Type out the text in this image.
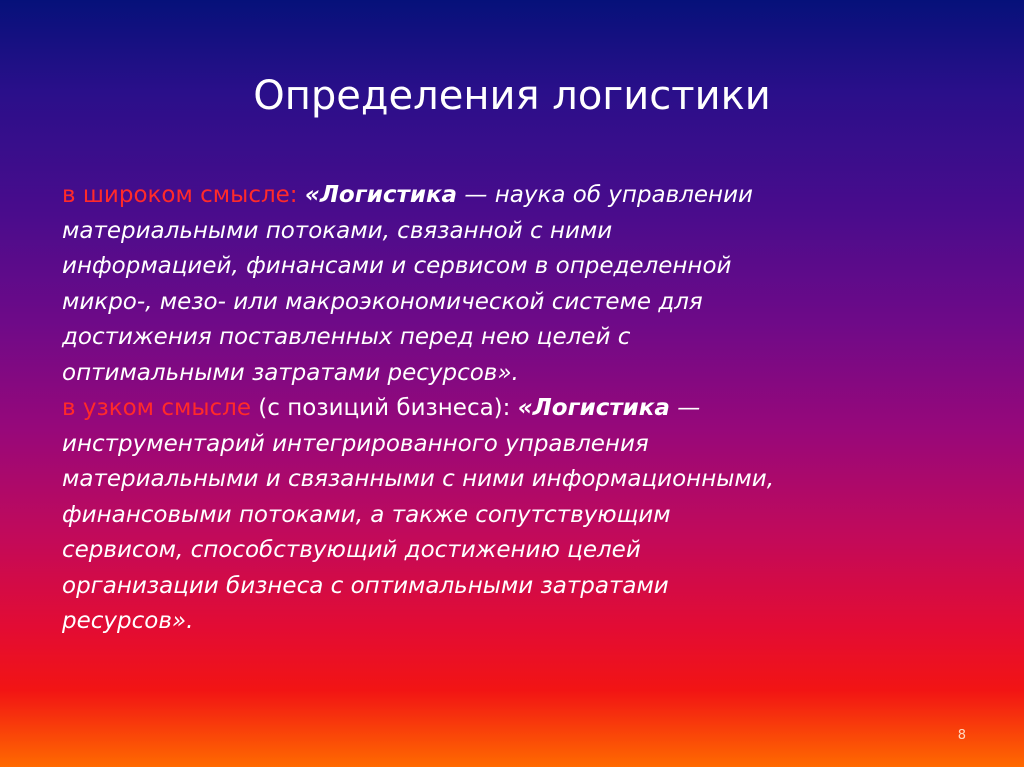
Определения логистики

в широком смысле: «Логистика — наука об управлении
материальными потоками, связанной с ними
информацией, финансами и сервисом в определенной
микро-, мезо- или макроэкономической системе для
достижения поставленных перед нею целей с
оптимальными затратами ресурсов».

в узком смысле (с позиций бизнеса): «Логистика —
инструментарий интегрированного управления
материальными и связанными с ними информационными,
финансовыми потоками, а также сопутствующим
сервисом, способствующий достижению целей
организации бизнеса с оптимальными затратами
ресурсов».

8
